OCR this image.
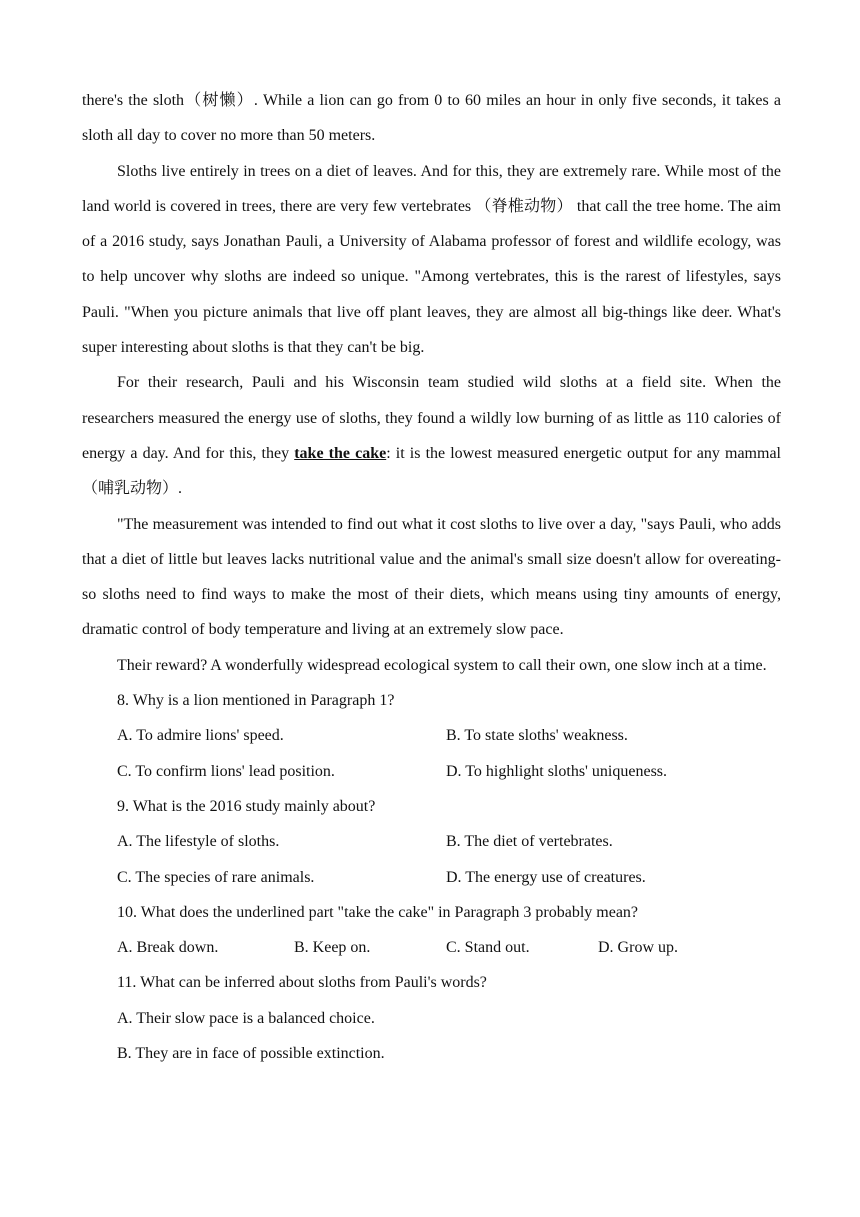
there's the sloth（树懒）. While a lion can go from 0 to 60 miles an hour in only five seconds, it takes a sloth all day to cover no more than 50 meters.

Sloths live entirely in trees on a diet of leaves. And for this, they are extremely rare. While most of the land world is covered in trees, there are very few vertebrates （脊椎动物） that call the tree home. The aim of a 2016 study, says Jonathan Pauli, a University of Alabama professor of forest and wildlife ecology, was to help uncover why sloths are indeed so unique. "Among vertebrates, this is the rarest of lifestyles, says Pauli. "When you picture animals that live off plant leaves, they are almost all big-things like deer. What's super interesting about sloths is that they can't be big.

For their research, Pauli and his Wisconsin team studied wild sloths at a field site. When the researchers measured the energy use of sloths, they found a wildly low burning of as little as 110 calories of energy a day. And for this, they take the cake: it is the lowest measured energetic output for any mammal （哺乳动物）.

"The measurement was intended to find out what it cost sloths to live over a day, "says Pauli, who adds that a diet of little but leaves lacks nutritional value and the animal's small size doesn't allow for overeating-so sloths need to find ways to make the most of their diets, which means using tiny amounts of energy, dramatic control of body temperature and living at an extremely slow pace.

Their reward? A wonderfully widespread ecological system to call their own, one slow inch at a time.

8. Why is a lion mentioned in Paragraph 1?

A. To admire lions' speed.	B. To state sloths' weakness.
C. To confirm lions' lead position.	D. To highlight sloths' uniqueness.

9. What is the 2016 study mainly about?

A. The lifestyle of sloths.	B. The diet of vertebrates.
C. The species of rare animals.	D. The energy use of creatures.

10. What does the underlined part "take the cake" in Paragraph 3 probably mean?

A. Break down.	B. Keep on.	C. Stand out.	D. Grow up.

11. What can be inferred about sloths from Pauli's words?

A. Their slow pace is a balanced choice.

B. They are in face of possible extinction.
